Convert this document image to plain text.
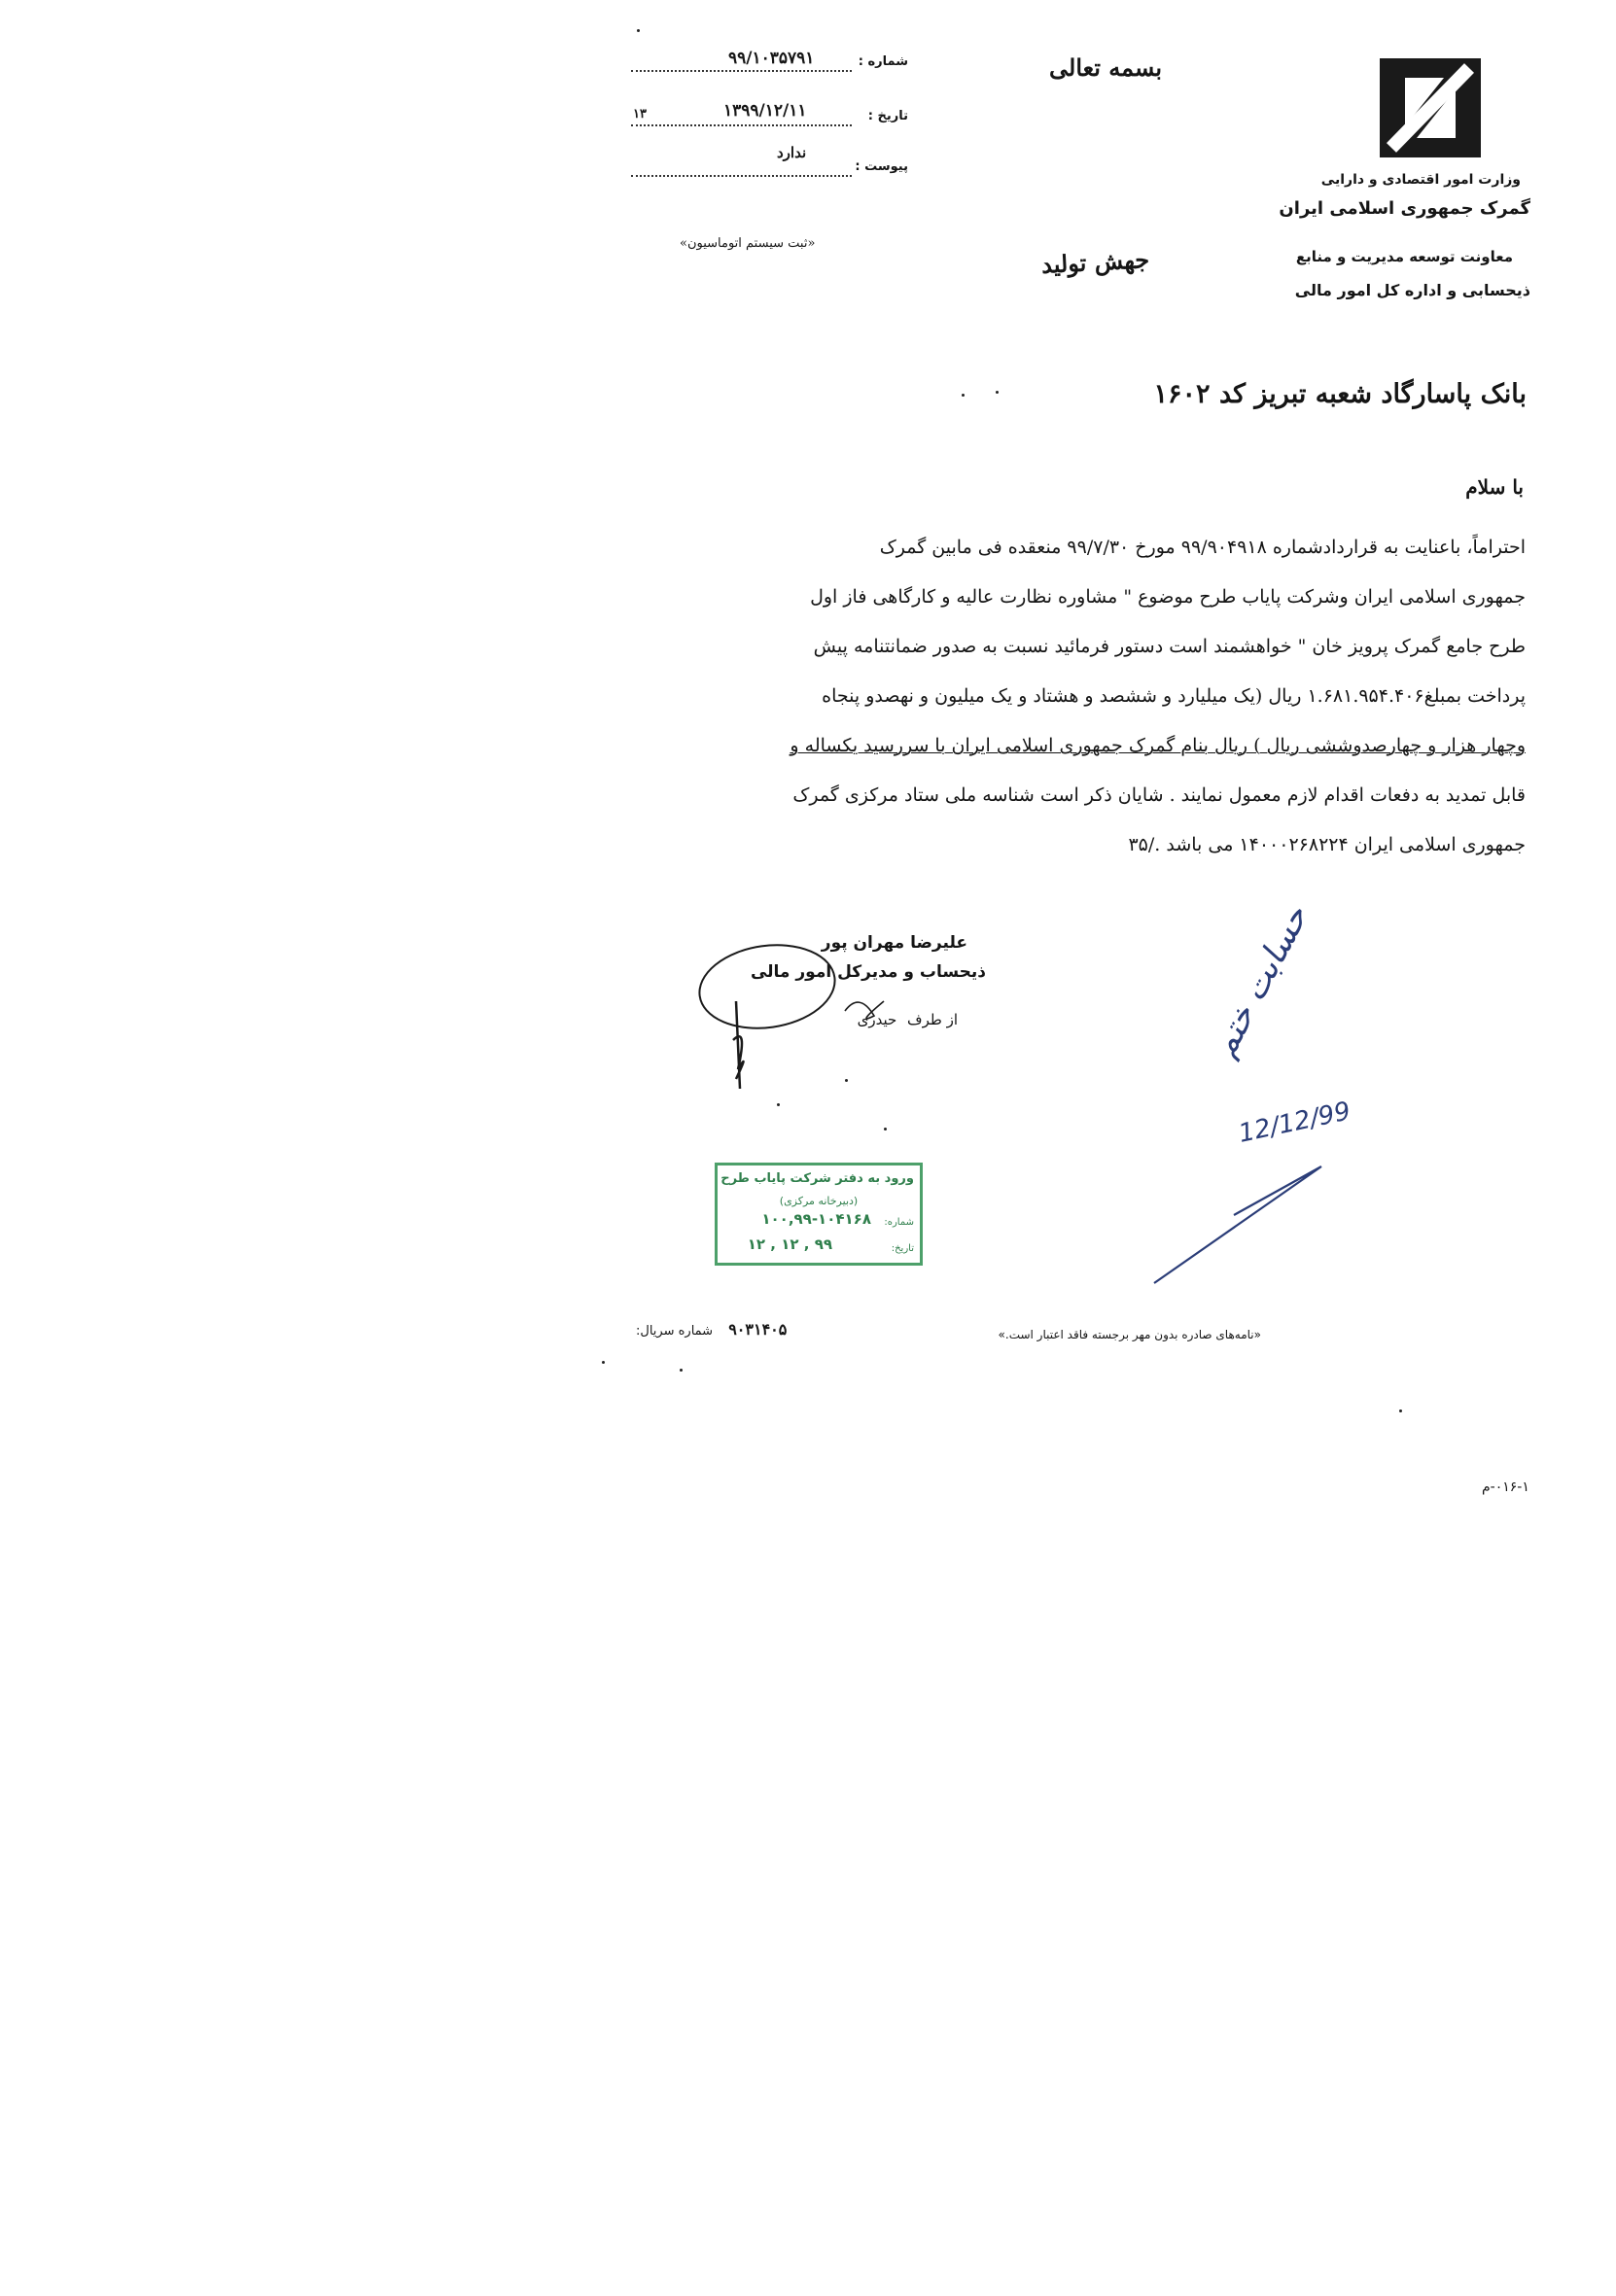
شماره :
۹۹/۱۰۳۵۷۹۱
تاریخ :
۱۳۹۹/۱۲/۱۱
۱۳
پیوست :
ندارد
«ثبت سیستم اتوماسیون»
بسمه تعالی
وزارت امور اقتصادی و دارایی
گمرک جمهوری اسلامی ایران
معاونت توسعه مدیریت و منابع
ذیحسابی و اداره کل امور مالی
جهش تولید
بانک پاسارگاد شعبه تبریز کد ۱۶۰۲
با سلام
احتراماً، باعنایت به قراردادشماره ۹۹/۹۰۴۹۱۸ مورخ ۹۹/۷/۳۰ منعقده فی مابین گمرک
جمهوری اسلامی ایران وشرکت پایاب طرح موضوع " مشاوره نظارت عالیه و کارگاهی فاز اول
طرح جامع گمرک پرویز خان " خواهشمند است دستور فرمائید نسبت به صدور ضمانتنامه پیش
پرداخت بمبلغ۱.۶۸۱.۹۵۴.۴۰۶ ریال (یک میلیارد و ششصد و هشتاد و یک میلیون و نهصدو پنجاه
وچهار هزار و چهارصدوششی ریال ) ریال بنام گمرک جمهوری اسلامی ایران با سررسید یکساله و
قابل تمدید به دفعات اقدام لازم معمول نمایند . شایان ذکر است شناسه ملی ستاد مرکزی گمرک
جمهوری اسلامی ایران ۱۴۰۰۰۲۶۸۲۲۴ می باشد ./۳۵
علیرضا مهران پور
ذیحساب و مدیرکل امور مالی
از طرف حیدری	حسابت ختم
12/12/99
ورود به دفتر شرکت پایاب طرح
(دبیرخانه مرکزی)
شماره:
۱۰۰,۹۹-۱۰۴۱۶۸
تاریخ:
۹۹ , ۱۲ , ۱۲
«نامه‌های صادره بدون مهر برجسته فاقد اعتبار است.»
۹۰۳۱۴۰۵ شماره سریال:
۰۱۶-۱-م
